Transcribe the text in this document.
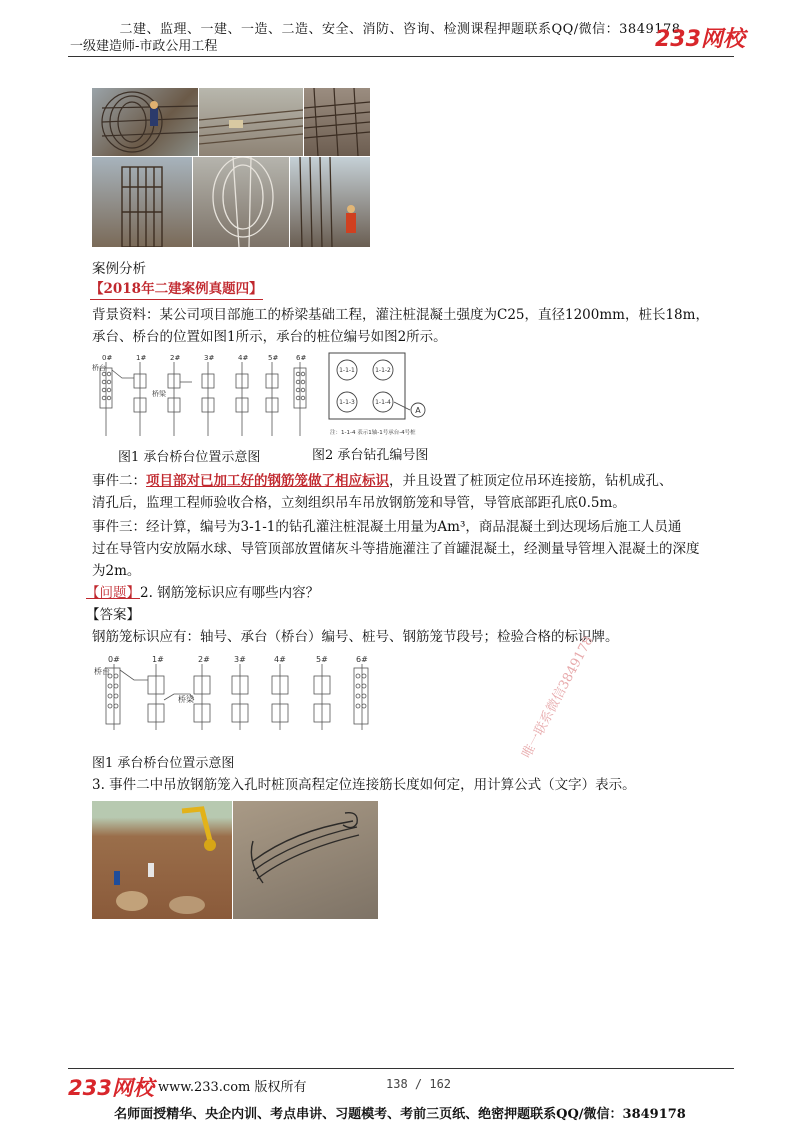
二建、监理、一建、一造、二造、安全、消防、咨询、检测课程押题联系QQ/微信：3849178
一级建造师-市政公用工程	233网校
案例分析
【2018年二建案例真题四】
背景资料：某公司项目部施工的桥梁基础工程，灌注桩混凝土强度为C25，直径1200mm，桩长18m，
承台、桥台的位置如图1所示，承台的桩位编号如图2所示。
0#	1#	2#	3#	4#	5#	6#
桥台
桥梁
图1 承台桥台位置示意图
1-1-1	1-1-2
1-1-3	1-1-4
A
注：1-1-4 表示1轴-1号承台-4号桩
图2 承台钻孔编号图
事件二：项目部对已加工好的钢筋笼做了相应标识，并且设置了桩顶定位吊环连接筋，钻机成孔、
清孔后，监理工程师验收合格，立刻组织吊车吊放钢筋笼和导管，导管底部距孔底0.5m。
事件三：经计算，编号为3-1-1的钻孔灌注桩混凝土用量为Am³，商品混凝土到达现场后施工人员通
过在导管内安放隔水球、导管顶部放置储灰斗等措施灌注了首罐混凝土，经测量导管埋入混凝土的深度
为2m。
【问题】2. 钢筋笼标识应有哪些内容？
【答案】
钢筋笼标识应有：轴号、承台（桥台）编号、桩号、钢筋笼节段号；检验合格的标识牌。
0#	1#	2#	3#	4#	5#	6#
桥台
桥梁
图1 承台桥台位置示意图
3. 事件二中吊放钢筋笼入孔时桩顶高程定位连接筋长度如何定，用计算公式（文字）表示。
唯一联系微信3849178
233网校 www.233.com 版权所有	138 / 162
名师面授精华、央企内训、考点串讲、习题模考、考前三页纸、绝密押题联系QQ/微信：3849178
